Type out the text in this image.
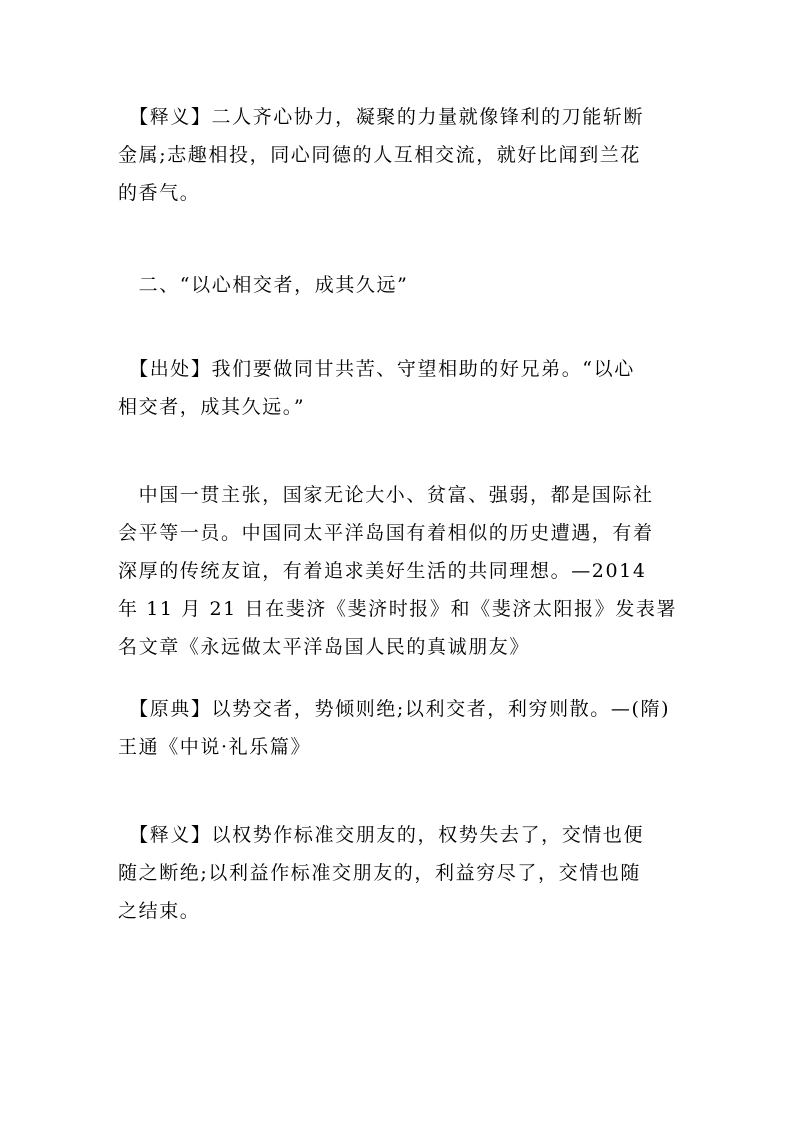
　【释义】二人齐心协力，凝聚的力量就像锋利的刀能斩断
金属;志趣相投，同心同德的人互相交流，就好比闻到兰花
的香气。

　二、“以心相交者，成其久远”

　【出处】我们要做同甘共苦、守望相助的好兄弟。“以心
相交者，成其久远。”

　中国一贯主张，国家无论大小、贫富、强弱，都是国际社
会平等一员。中国同太平洋岛国有着相似的历史遭遇，有着
深厚的传统友谊，有着追求美好生活的共同理想。—2014
年 11 月 21 日在斐济《斐济时报》和《斐济太阳报》发表署
名文章《永远做太平洋岛国人民的真诚朋友》

　【原典】以势交者，势倾则绝;以利交者，利穷则散。—(隋)
王通《中说·礼乐篇》

　【释义】以权势作标准交朋友的，权势失去了，交情也便
随之断绝;以利益作标准交朋友的，利益穷尽了，交情也随
之结束。
